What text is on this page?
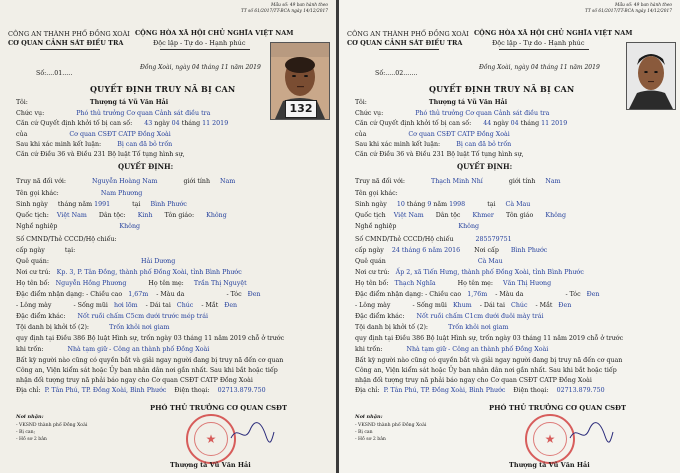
Mẫu số: 49 ban hành theo
TT số 61/2017/TT-BCA ngày 14/12/2017
CÔNG AN THÀNH PHỐ ĐỒNG XOÀI
CƠ QUAN CẢNH SÁT ĐIỀU TRA
CỘNG HÒA XÃ HỘI CHỦ NGHĨA VIỆT NAM
Độc lập - Tự do - Hạnh phúc
Số:....01.....
Đồng Xoài, ngày 04 tháng 11 năm 2019
QUYẾT ĐỊNH TRUY NÃ BỊ CAN
Tôi:	Thượng tá Vũ Văn Hải
Chức vụ:	Phó thủ trưởng Cơ quan Cảnh sát điều tra
Căn cứ Quyết định khởi tố bị can số: 43 ngày 04 tháng 11 2019
của	Cơ quan CSĐT CATP Đồng Xoài
Sau khi xác minh kết luận:	Bị can đã bỏ trốn
Căn cứ Điều 36 và Điều 231 Bộ luật Tố tụng hình sự,
QUYẾT ĐỊNH:
Truy nã đối với:	Nguyễn Hoàng Nam	giới tính Nam
Tên gọi khác:	Nam Phương
Sinh ngày tháng năm 1991	tại Bình Phước
Quốc tịch: Việt Nam Dân tộc: Kinh Tôn giáo: Không
Nghề nghiệp	Không
Số CMND/Thẻ CCCD/Hộ chiếu:
cấp ngày	tại:
Quê quán:	Hải Dương
Nơi cư trú: Kp. 3, P. Tân Đồng, thành phố Đồng Xoài, tỉnh Bình Phước
Họ tên bố: Nguyễn Hồng Phương	Họ tên mẹ: Trần Thị Nguyệt
Đặc điểm nhận dạng: - Chiều cao 1,67m - Màu da	- Tóc Đen
- Lông mày	- Sống mũi hơi lõm - Dái tai Chúc - Mắt Đen
Đặc điểm khác: Nốt ruồi chấm C5cm dưới trước mép trái
Tội danh bị khởi tố (2):	Trốn khỏi nơi giam
quy định tại Điều 386 Bộ luật Hình sự, trốn ngày 03 tháng 11 năm 2019 chỗ ở trước
khi trốn:	Nhà tạm giữ - Công an thành phố Đồng Xoài
Bất kỳ người nào cũng có quyền bắt và giải ngay người đang bị truy nã đến cơ quan
Công an, Viện kiểm sát hoặc Ủy ban nhân dân nơi gần nhất. Sau khi bắt hoặc tiếp
nhận đối tượng truy nã phải báo ngay cho Cơ quan CSĐT CATP Đồng Xoài
Địa chỉ: P. Tân Phú, TP. Đồng Xoài, Bình Phước Điện thoại: 02713.879.750
Nơi nhận:
- VKSND thành phố Đồng Xoài
- Bị can;
- Hồ sơ 2 bản
PHÓ THỦ TRƯỞNG CƠ QUAN CSĐT
★
Thượng tá Vũ Văn Hải
132
Mẫu số: 49 ban hành theo
TT số 61/2017/TT-BCA ngày 14/12/2017
CÔNG AN THÀNH PHỐ ĐỒNG XOÀI
CƠ QUAN CẢNH SÁT ĐIỀU TRA
CỘNG HÒA XÃ HỘI CHỦ NGHĨA VIỆT NAM
Độc lập - Tự do - Hạnh phúc
Số:.....02.......
Đồng Xoài, ngày 04 tháng 11 năm 2019
QUYẾT ĐỊNH TRUY NÃ BỊ CAN
Tôi:	Thượng tá Vũ Văn Hải
Chức vụ:	Phó thủ trưởng Cơ quan Cảnh sát điều tra
Căn cứ Quyết định khởi tố bị can số: 44 ngày 04 tháng 11 2019
của	Cơ quan CSĐT CATP Đồng Xoài
Sau khi xác minh kết luận:	Bị can đã bỏ trốn
Căn cứ Điều 36 và Điều 231 Bộ luật Tố tụng hình sự,
QUYẾT ĐỊNH:
Truy nã đối với:	Thạch Minh Nhí	giới tính Nam
Tên gọi khác:
Sinh ngày 10 tháng 9 năm 1998	tại Cà Mau
Quốc tịch Việt Nam Dân tộc Khmer Tôn giáo Không
Nghề nghiệp	Không
Số CMND/Thẻ CCCD/Hộ chiếu	285579751
cấp ngày 24 tháng 6 năm 2016 Nơi cấp Bình Phước
Quê quán	Cà Mau
Nơi cư trú: Ấp 2, xã Tiến Hưng, thành phố Đồng Xoài, tỉnh Bình Phước
Họ tên bố: Thạch Nghĩa	Họ tên mẹ: Văn Thị Hương
Đặc điểm nhận dạng: - Chiều cao 1,76m - Màu da	- Tóc Đen
- Lông mày	- Sống mũi Khum - Dái tai Chúc - Mắt Đen
Đặc điểm khác: Nốt ruồi chấm C1cm dưới đuôi mày trái
Tội danh bị khởi tố (2):	Trốn khỏi nơi giam
quy định tại Điều 386 Bộ luật Hình sự, trốn ngày 03 tháng 11 năm 2019 chỗ ở trước
khi trốn:	Nhà tạm giữ - Công an thành phố Đồng Xoài
Bất kỳ người nào cũng có quyền bắt và giải ngay người đang bị truy nã đến cơ quan
Công an, Viện kiểm sát hoặc Ủy ban nhân dân nơi gần nhất. Sau khi bắt hoặc tiếp
nhận đối tượng truy nã phải báo ngay cho Cơ quan CSĐT CATP Đồng Xoài
Địa chỉ: P. Tân Phú, TP. Đồng Xoài, Bình Phước Điện thoại: 02713.879.750
Nơi nhận:
- VKSND thành phố Đồng Xoài
- Bị can
- Hồ sơ 2 bản
PHÓ THỦ TRƯỞNG CƠ QUAN CSĐT
★
Thượng tá Vũ Văn Hải
